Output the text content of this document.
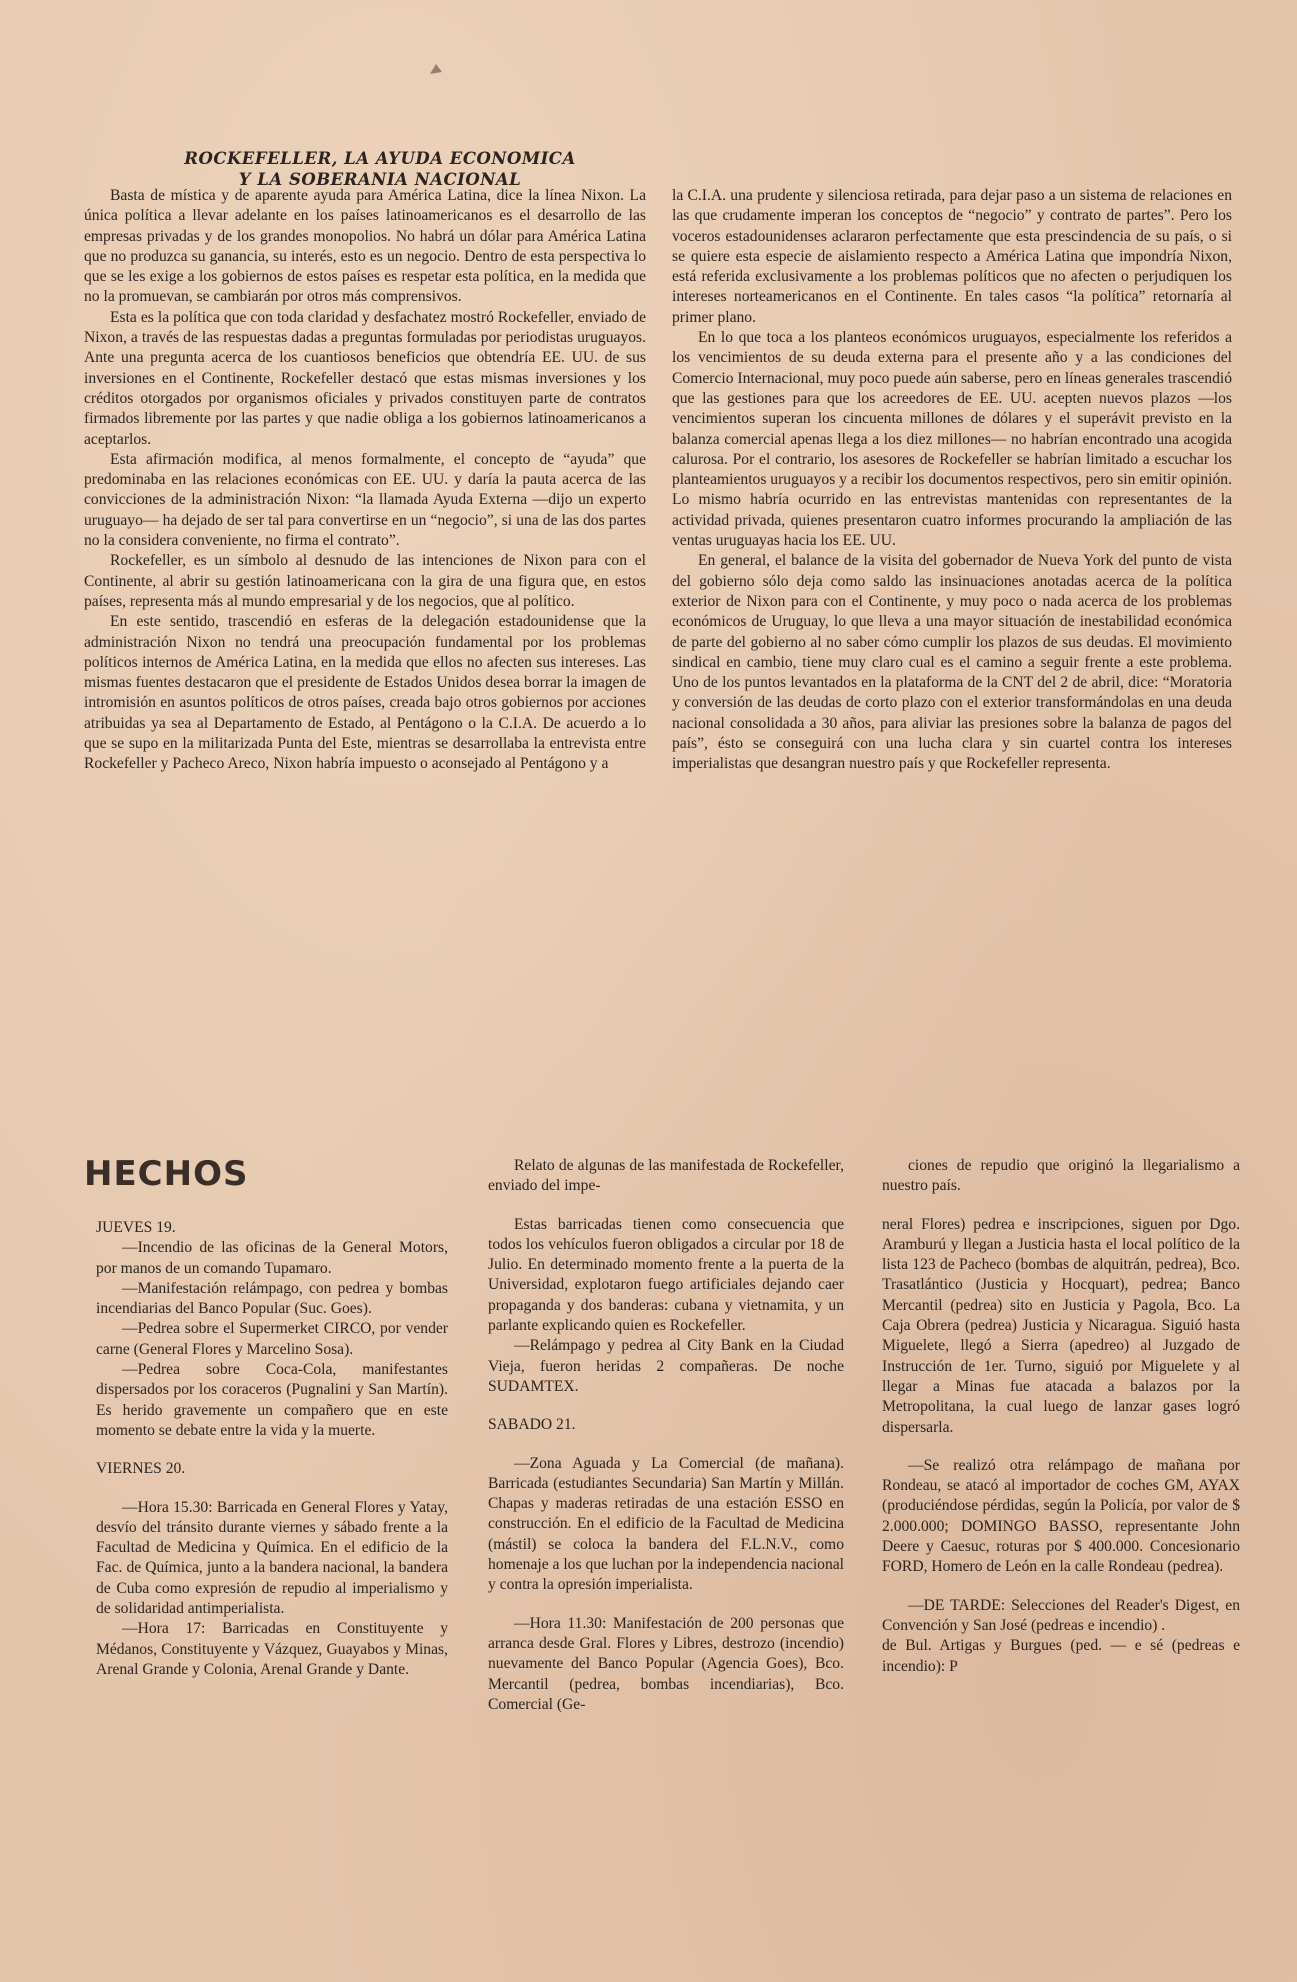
ROCKEFELLER, LA AYUDA ECONOMICA
Y LA SOBERANIA NACIONAL

Basta de mística y de aparente ayuda para América Latina, dice la línea Nixon. La única política a llevar adelante en los países latinoamericanos es el desarrollo de las empresas privadas y de los grandes monopolios. No habrá un dólar para América Latina que no produzca su ganancia, su interés, esto es un negocio. Dentro de esta perspectiva lo que se les exige a los gobiernos de estos países es respetar esta política, en la medida que no la promuevan, se cambiarán por otros más comprensivos.

Esta es la política que con toda claridad y desfachatez mostró Rockefeller, enviado de Nixon, a través de las respuestas dadas a preguntas formuladas por periodistas uruguayos. Ante una pregunta acerca de los cuantiosos beneficios que obtendría EE. UU. de sus inversiones en el Continente, Rockefeller destacó que estas mismas inversiones y los créditos otorgados por organismos oficiales y privados constituyen parte de contratos firmados libremente por las partes y que nadie obliga a los gobiernos latinoamericanos a aceptarlos.

Esta afirmación modifica, al menos formalmente, el concepto de “ayuda” que predominaba en las relaciones económicas con EE. UU. y daría la pauta acerca de las convicciones de la administración Nixon: “la llamada Ayuda Externa —dijo un experto uruguayo— ha dejado de ser tal para convertirse en un “negocio”, si una de las dos partes no la considera conveniente, no firma el contrato”.

Rockefeller, es un símbolo al desnudo de las intenciones de Nixon para con el Continente, al abrir su gestión latinoamericana con la gira de una figura que, en estos países, representa más al mundo empresarial y de los negocios, que al político.

En este sentido, trascendió en esferas de la delegación estadounidense que la administración Nixon no tendrá una preocupación fundamental por los problemas políticos internos de América Latina, en la medida que ellos no afecten sus intereses. Las mismas fuentes destacaron que el presidente de Estados Unidos desea borrar la imagen de intromisión en asuntos políticos de otros países, creada bajo otros gobiernos por acciones atribuidas ya sea al Departamento de Estado, al Pentágono o la C.I.A. De acuerdo a lo que se supo en la militarizada Punta del Este, mientras se desarrollaba la entrevista entre Rockefeller y Pacheco Areco, Nixon habría impuesto o aconsejado al Pentágono y a

la C.I.A. una prudente y silenciosa retirada, para dejar paso a un sistema de relaciones en las que crudamente imperan los conceptos de “negocio” y contrato de partes”. Pero los voceros estadounidenses aclararon perfectamente que esta prescindencia de su país, o si se quiere esta especie de aislamiento respecto a América Latina que impondría Nixon, está referida exclusivamente a los problemas políticos que no afecten o perjudiquen los intereses norteamericanos en el Continente. En tales casos “la política” retornaría al primer plano.

En lo que toca a los planteos económicos uruguayos, especialmente los referidos a los vencimientos de su deuda externa para el presente año y a las condiciones del Comercio Internacional, muy poco puede aún saberse, pero en líneas generales trascendió que las gestiones para que los acreedores de EE. UU. acepten nuevos plazos —los vencimientos superan los cincuenta millones de dólares y el superávit previsto en la balanza comercial apenas llega a los diez millones— no habrían encontrado una acogida calurosa. Por el contrario, los asesores de Rockefeller se habrían limitado a escuchar los planteamientos uruguayos y a recibir los documentos respectivos, pero sin emitir opinión. Lo mismo habría ocurrido en las entrevistas mantenidas con representantes de la actividad privada, quienes presentaron cuatro informes procurando la ampliación de las ventas uruguayas hacia los EE. UU.

En general, el balance de la visita del gobernador de Nueva York del punto de vista del gobierno sólo deja como saldo las insinuaciones anotadas acerca de la política exterior de Nixon para con el Continente, y muy poco o nada acerca de los problemas económicos de Uruguay, lo que lleva a una mayor situación de inestabilidad económica de parte del gobierno al no saber cómo cumplir los plazos de sus deudas. El movimiento sindical en cambio, tiene muy claro cual es el camino a seguir frente a este problema. Uno de los puntos levantados en la plataforma de la CNT del 2 de abril, dice: “Moratoria y conversión de las deudas de corto plazo con el exterior transformándolas en una deuda nacional consolidada a 30 años, para aliviar las presiones sobre la balanza de pagos del país”, ésto se conseguirá con una lucha clara y sin cuartel contra los intereses imperialistas que desangran nuestro país y que Rockefeller representa.

HECHOS

JUEVES 19.

—Incendio de las oficinas de la General Motors, por manos de un comando Tupamaro.

—Manifestación relámpago, con pedrea y bombas incendiarias del Banco Popular (Suc. Goes).

—Pedrea sobre el Supermerket CIRCO, por vender carne (General Flores y Marcelino Sosa).

—Pedrea sobre Coca-Cola, manifestantes dispersados por los coraceros (Pugnalini y San Martín). Es herido gravemente un compañero que en este momento se debate entre la vida y la muerte.

VIERNES 20.

—Hora 15.30: Barricada en General Flores y Yatay, desvío del tránsito durante viernes y sábado frente a la Facultad de Medicina y Química. En el edificio de la Fac. de Química, junto a la bandera nacional, la bandera de Cuba como expresión de repudio al imperialismo y de solidaridad antimperialista.

—Hora 17: Barricadas en Constituyente y Médanos, Constituyente y Vázquez, Guayabos y Minas, Arenal Grande y Colonia, Arenal Grande y Dante.

Relato de algunas de las manifestada de Rockefeller, enviado del impe-

Estas barricadas tienen como consecuencia que todos los vehículos fueron obligados a circular por 18 de Julio. En determinado momento frente a la puerta de la Universidad, explotaron fuego artificiales dejando caer propaganda y dos banderas: cubana y vietnamita, y un parlante explicando quien es Rockefeller.

—Relámpago y pedrea al City Bank en la Ciudad Vieja, fueron heridas 2 compañeras. De noche SUDAMTEX.

SABADO 21.

—Zona Aguada y La Comercial (de mañana). Barricada (estudiantes Secundaria) San Martín y Millán. Chapas y maderas retiradas de una estación ESSO en construcción. En el edificio de la Facultad de Medicina (mástil) se coloca la bandera del F.L.N.V., como homenaje a los que luchan por la independencia nacional y contra la opresión imperialista.

—Hora 11.30: Manifestación de 200 personas que arranca desde Gral. Flores y Libres, destrozo (incendio) nuevamente del Banco Popular (Agencia Goes), Bco. Mercantil (pedrea, bombas incendiarias), Bco. Comercial (Ge-

ciones de repudio que originó la llegarialismo a nuestro país.

neral Flores) pedrea e inscripciones, siguen por Dgo. Aramburú y llegan a Justicia hasta el local político de la lista 123 de Pacheco (bombas de alquitrán, pedrea), Bco. Trasatlántico (Justicia y Hocquart), pedrea; Banco Mercantil (pedrea) sito en Justicia y Pagola, Bco. La Caja Obrera (pedrea) Justicia y Nicaragua. Siguió hasta Miguelete, llegó a Sierra (apedreo) al Juzgado de Instrucción de 1er. Turno, siguió por Miguelete y al llegar a Minas fue atacada a balazos por la Metropolitana, la cual luego de lanzar gases logró dispersarla.

—Se realizó otra relámpago de mañana por Rondeau, se atacó al importador de coches GM, AYAX (produciéndose pérdidas, según la Policía, por valor de $ 2.000.000; DOMINGO BASSO, representante John Deere y Caesuc, roturas por $ 400.000. Concesionario FORD, Homero de León en la calle Rondeau (pedrea).

—DE TARDE: Selecciones del Reader's Digest, en Convención y San José (pedreas e incendio) .

de Bul. Artigas y Burgues (ped. — e sé (pedreas e incendio): P
